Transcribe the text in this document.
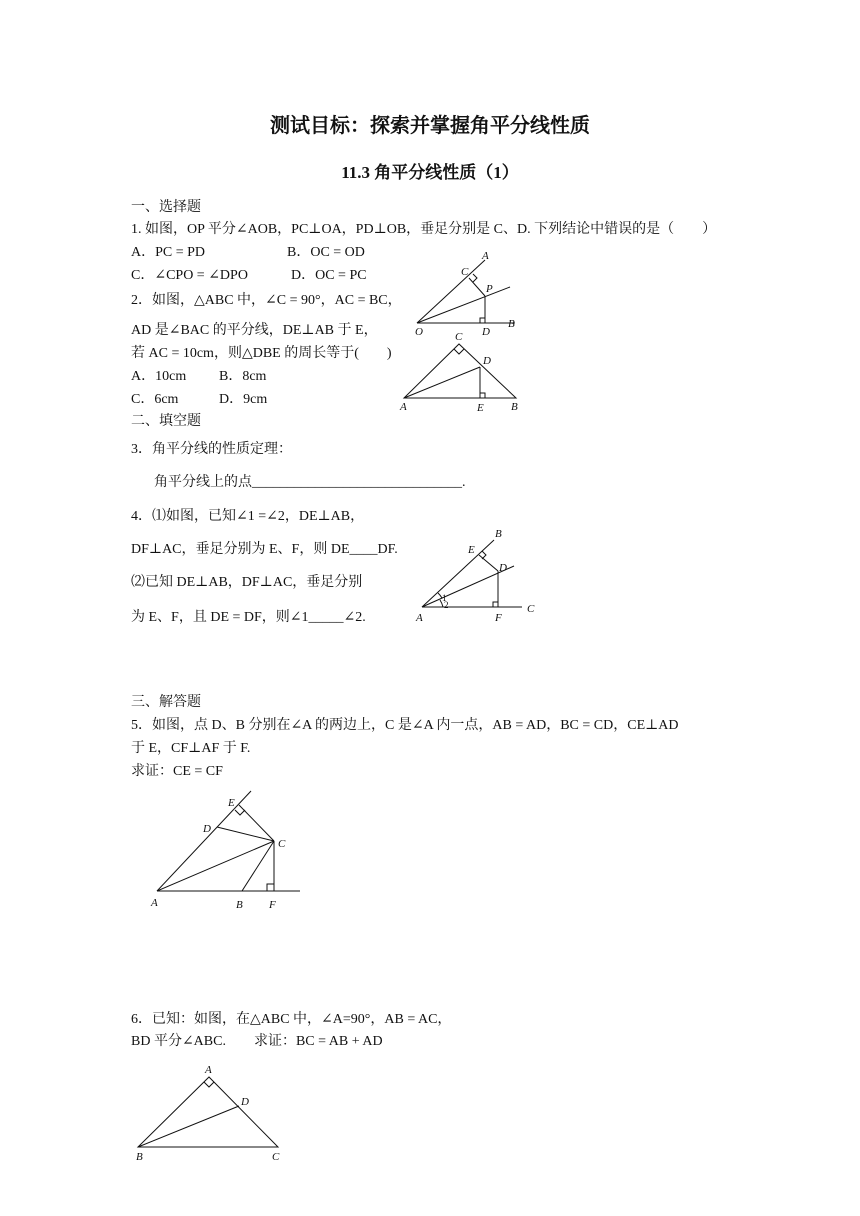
测试目标：探索并掌握角平分线性质
11.3 角平分线性质（1）
一、选择题
1. 如图，OP 平分∠AOB，PC⊥OA，PD⊥OB，垂足分别是 C、D. 下列结论中错误的是（　　）
A．PC = PD	B．OC = OD
C．∠CPO = ∠DPO	D．OC = PC
A
C
P
O	D
B
2．如图，△ABC 中，∠C = 90°，AC = BC，
AD 是∠BAC 的平分线，DE⊥AB 于 E，
若 AC = 10cm，则△DBE 的周长等于(　　)
A．10cm B．8cm
C．6cm	D．9cm
C
D
A	E B
二、填空题
3．角平分线的性质定理：
角平分线上的点______________________________.
4．⑴如图，已知∠1 =∠2，DE⊥AB，
DF⊥AC，垂足分别为 E、F，则 DE____DF.
⑵已知 DE⊥AB，DF⊥AC，垂足分别
为 E、F，且 DE = DF，则∠1_____∠2.
B
E
D
1
2
A	F
C
三、解答题
5．如图，点 D、B 分别在∠A 的两边上，C 是∠A 内一点，AB = AD，BC = CD，CE⊥AD
于 E，CF⊥AF 于 F.
求证：CE = CF
E
D
C
A	B F
6．已知：如图，在△ABC 中，∠A=90°，AB = AC，
BD 平分∠ABC.　　求证：BC = AB + AD
A
D
B	C
